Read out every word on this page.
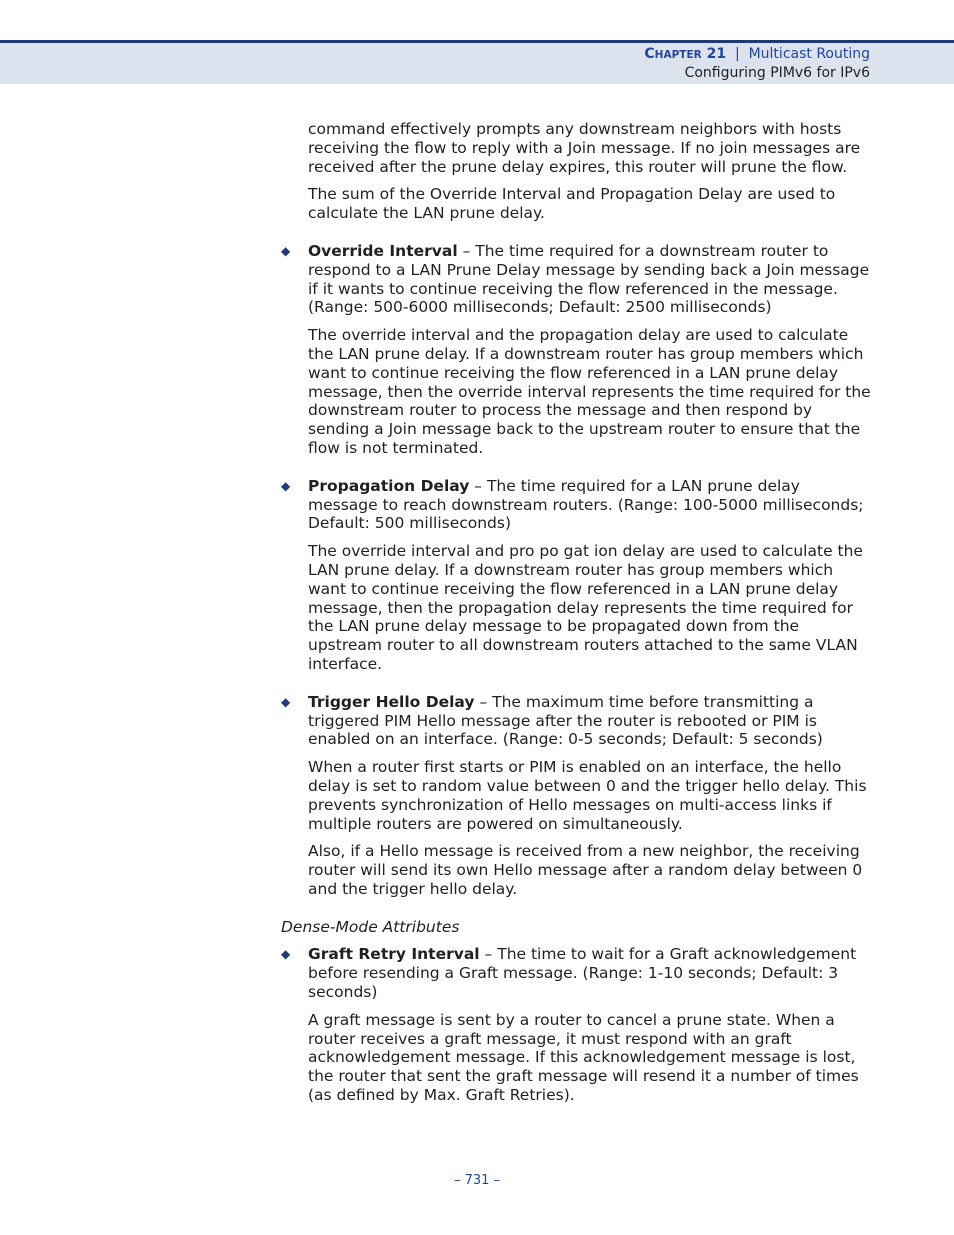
CHAPTER 21 | Multicast Routing
Configuring PIMv6 for IPv6

command effectively prompts any downstream neighbors with hosts receiving the flow to reply with a Join message. If no join messages are received after the prune delay expires, this router will prune the flow.

The sum of the Override Interval and Propagation Delay are used to calculate the LAN prune delay.

◆ Override Interval – The time required for a downstream router to respond to a LAN Prune Delay message by sending back a Join message if it wants to continue receiving the flow referenced in the message. (Range: 500-6000 milliseconds; Default: 2500 milliseconds)

The override interval and the propagation delay are used to calculate the LAN prune delay. If a downstream router has group members which want to continue receiving the flow referenced in a LAN prune delay message, then the override interval represents the time required for the downstream router to process the message and then respond by sending a Join message back to the upstream router to ensure that the flow is not terminated.

◆ Propagation Delay – The time required for a LAN prune delay message to reach downstream routers. (Range: 100-5000 milliseconds; Default: 500 milliseconds)

The override interval and pro po gat ion delay are used to calculate the LAN prune delay. If a downstream router has group members which want to continue receiving the flow referenced in a LAN prune delay message, then the propagation delay represents the time required for the LAN prune delay message to be propagated down from the upstream router to all downstream routers attached to the same VLAN interface.

◆ Trigger Hello Delay – The maximum time before transmitting a triggered PIM Hello message after the router is rebooted or PIM is enabled on an interface. (Range: 0-5 seconds; Default: 5 seconds)

When a router first starts or PIM is enabled on an interface, the hello delay is set to random value between 0 and the trigger hello delay. This prevents synchronization of Hello messages on multi-access links if multiple routers are powered on simultaneously.

Also, if a Hello message is received from a new neighbor, the receiving router will send its own Hello message after a random delay between 0 and the trigger hello delay.

Dense-Mode Attributes

◆ Graft Retry Interval – The time to wait for a Graft acknowledgement before resending a Graft message. (Range: 1-10 seconds; Default: 3 seconds)

A graft message is sent by a router to cancel a prune state. When a router receives a graft message, it must respond with an graft acknowledgement message. If this acknowledgement message is lost, the router that sent the graft message will resend it a number of times (as defined by Max. Graft Retries).

– 731 –
